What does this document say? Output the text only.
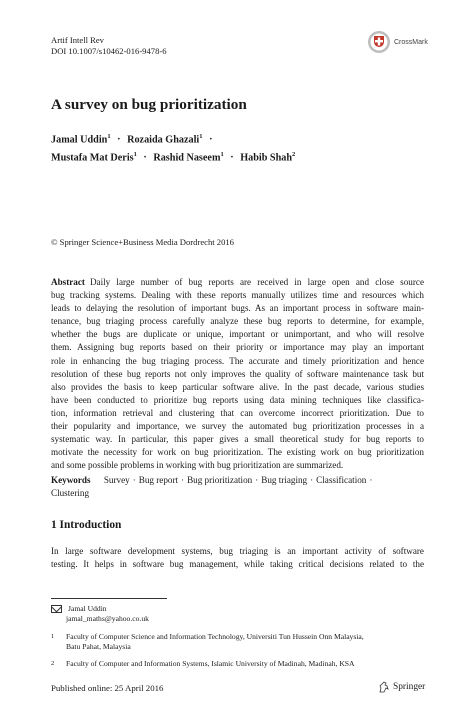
Artif Intell Rev
DOI 10.1007/s10462-016-9478-6
CrossMark
A survey on bug prioritization
Jamal Uddin$^1$ · Rozaida Ghazali$^1$ ·
Mustafa Mat Deris$^1$ · Rashid Naseem$^1$ · Habib Shah$^2$
© Springer Science+Business Media Dordrecht 2016
Abstract Daily large number of bug reports are received in large open and close source
bug tracking systems. Dealing with these reports manually utilizes time and resources which
leads to delaying the resolution of important bugs. As an important process in software main-
tenance, bug triaging process carefully analyze these bug reports to determine, for example,
whether the bugs are duplicate or unique, important or unimportant, and who will resolve
them. Assigning bug reports based on their priority or importance may play an important
role in enhancing the bug triaging process. The accurate and timely prioritization and hence
resolution of these bug reports not only improves the quality of software maintenance task but
also provides the basis to keep particular software alive. In the past decade, various studies
have been conducted to prioritize bug reports using data mining techniques like classifica-
tion, information retrieval and clustering that can overcome incorrect prioritization. Due to
their popularity and importance, we survey the automated bug prioritization processes in a
systematic way. In particular, this paper gives a small theoretical study for bug reports to
motivate the necessity for work on bug prioritization. The existing work on bug prioritization
and some possible problems in working with bug prioritization are summarized.
Keywords Survey · Bug report · Bug prioritization · Bug triaging · Classification ·
Clustering
1 Introduction
In large software development systems, bug triaging is an important activity of software
testing. It helps in software bug management, while taking critical decisions related to the
Jamal Uddin
jamal_maths@yahoo.co.uk
1 Faculty of Computer Science and Information Technology, Universiti Tun Hussein Onn Malaysia,
Batu Pahat, Malaysia
2 Faculty of Computer and Information Systems, Islamic University of Madinah, Madinah, KSA
Published online: 25 April 2016	Springer
